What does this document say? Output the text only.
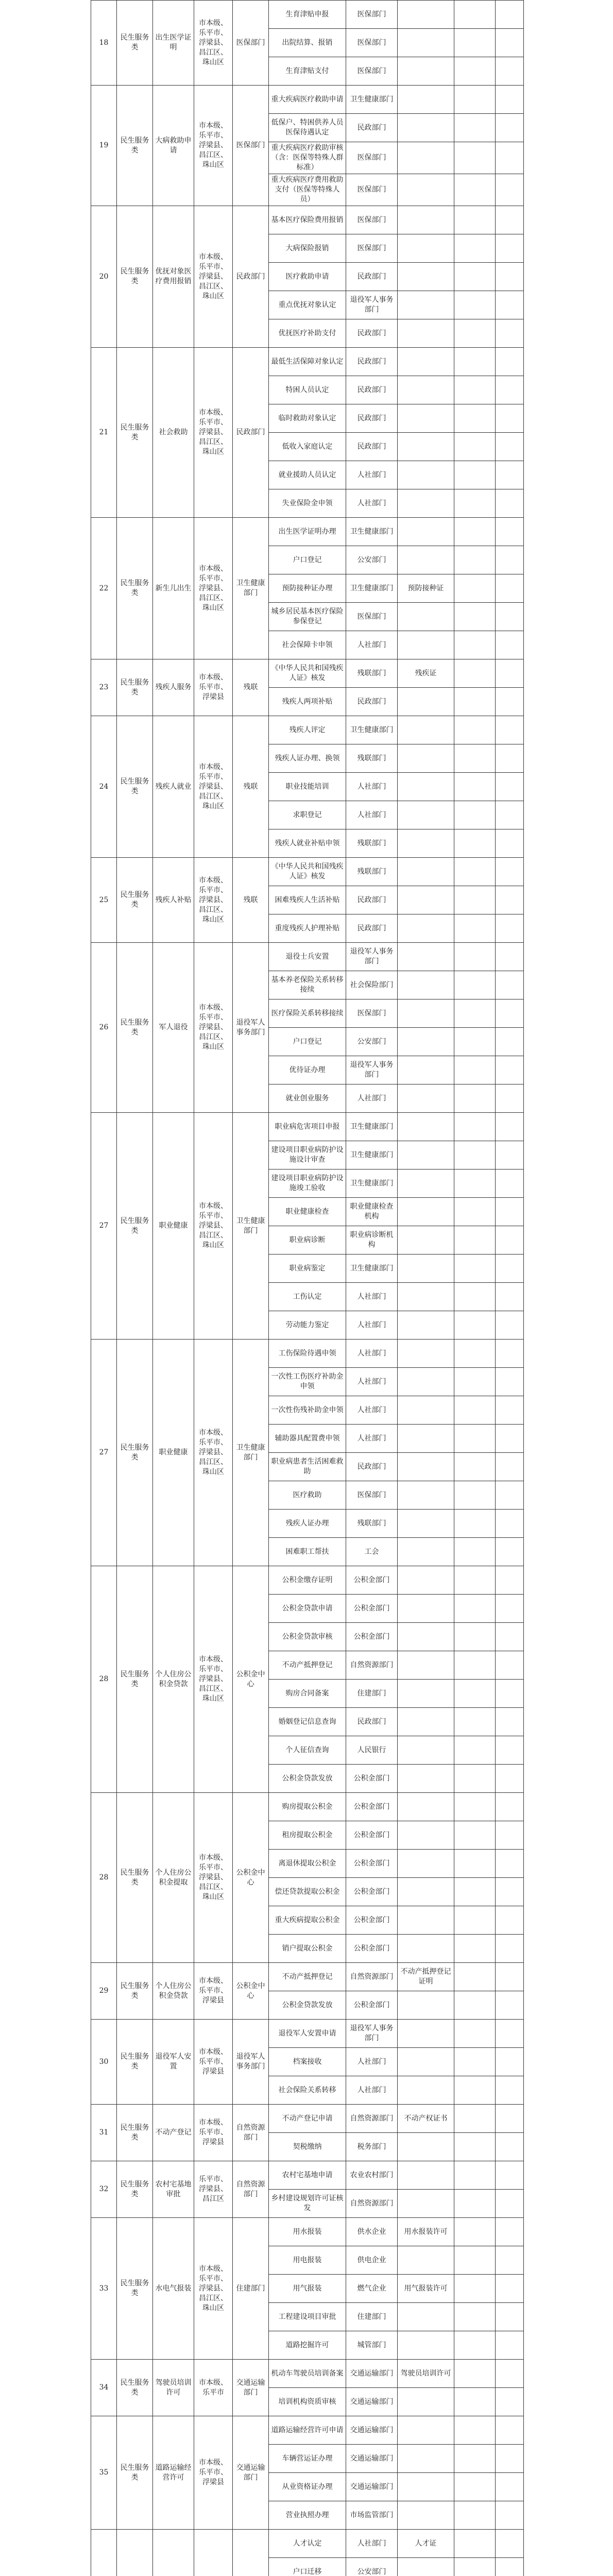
18	民生服务类	出生医学证明	市本级、乐平市、浮梁县、昌江区、珠山区	医保部门	生育津贴申报	医保部门			
					出院结算、报销	医保部门			
					生育津贴支付	医保部门			
19	民生服务类	大病救助申请	市本级、乐平市、浮梁县、昌江区、珠山区	医保部门	重大疾病医疗救助申请	卫生健康部门			
					低保户、特困供养人员医保待遇认定	民政部门			
					重大疾病医疗救助审核（含：医保等特殊人群标准）	医保部门			
					重大疾病医疗费用救助支付（医保等特殊人员）	医保部门			
20	民生服务类	优抚对象医疗费用报销	市本级、乐平市、浮梁县、昌江区、珠山区	民政部门	基本医疗保险费用报销	医保部门			
					大病保险报销	医保部门			
					医疗救助申请	民政部门			
					重点优抚对象认定	退役军人事务部门			
					优抚医疗补助支付	民政部门			
21	民生服务类	社会救助	市本级、乐平市、浮梁县、昌江区、珠山区	民政部门	最低生活保障对象认定	民政部门			
					特困人员认定	民政部门			
					临时救助对象认定	民政部门			
					低收入家庭认定	民政部门			
					就业援助人员认定	人社部门			
					失业保险金申领	人社部门			
22	民生服务类	新生儿出生	市本级、乐平市、浮梁县、昌江区、珠山区	卫生健康部门	出生医学证明办理	卫生健康部门			
					户口登记	公安部门			
					预防接种证办理	卫生健康部门	预防接种证		
					城乡居民基本医疗保险参保登记	医保部门			
					社会保障卡申领	人社部门			
23	民生服务类	残疾人服务	市本级、乐平市、浮梁县	残联	《中华人民共和国残疾人证》核发	残联部门	残疾证		
					残疾人两项补贴	民政部门			
24	民生服务类	残疾人就业	市本级、乐平市、浮梁县、昌江区、珠山区	残联	残疾人评定	卫生健康部门			
					残疾人证办理、换领	残联部门			
					职业技能培训	人社部门			
					求职登记	人社部门			
					残疾人就业补贴申领	残联部门			
25	民生服务类	残疾人补贴	市本级、乐平市、浮梁县、昌江区、珠山区	残联	《中华人民共和国残疾人证》核发	残联部门			
					困难残疾人生活补贴	民政部门			
					重度残疾人护理补贴	民政部门			
26	民生服务类	军人退役	市本级、乐平市、浮梁县、昌江区、珠山区	退役军人事务部门	退役士兵安置	退役军人事务部门			
					基本养老保险关系转移接续	社会保险部门			
					医疗保险关系转移接续	医保部门			
					户口登记	公安部门			
					优待证办理	退役军人事务部门			
					就业创业服务	人社部门			
27	民生服务类	职业健康	市本级、乐平市、浮梁县、昌江区、珠山区	卫生健康部门	职业病危害项目申报	卫生健康部门			
					建设项目职业病防护设施设计审查	卫生健康部门			
					建设项目职业病防护设施竣工验收	卫生健康部门			
					职业健康检查	职业健康检查机构			
					职业病诊断	职业病诊断机构			
					职业病鉴定	卫生健康部门			
					工伤认定	人社部门			
					劳动能力鉴定	人社部门			
27	民生服务类	职业健康	市本级、乐平市、浮梁县、昌江区、珠山区	卫生健康部门	工伤保险待遇申领	人社部门			
					一次性工伤医疗补助金申领	人社部门			
					一次性伤残补助金申领	人社部门			
					辅助器具配置费申领	人社部门			
					职业病患者生活困难救助	民政部门			
					医疗救助	医保部门			
					残疾人证办理	残联部门			
					困难职工帮扶	工会			
28	民生服务类	个人住房公积金贷款	市本级、乐平市、浮梁县、昌江区、珠山区	公积金中心	公积金缴存证明	公积金部门			
					公积金贷款申请	公积金部门			
					公积金贷款审核	公积金部门			
					不动产抵押登记	自然资源部门			
					购房合同备案	住建部门			
					婚姻登记信息查询	民政部门			
					个人征信查询	人民银行			
					公积金贷款发放	公积金部门			
28	民生服务类	个人住房公积金提取	市本级、乐平市、浮梁县、昌江区、珠山区	公积金中心	购房提取公积金	公积金部门			
					租房提取公积金	公积金部门			
					离退休提取公积金	公积金部门			
					偿还贷款提取公积金	公积金部门			
					重大疾病提取公积金	公积金部门			
					销户提取公积金	公积金部门			
29	民生服务类	个人住房公积金贷款	市本级、乐平市、浮梁县	公积金中心	不动产抵押登记	自然资源部门	不动产抵押登记证明		
					公积金贷款发放	公积金部门			
30	民生服务类	退役军人安置	市本级、乐平市、浮梁县	退役军人事务部门	退役军人安置申请	退役军人事务部门			
					档案接收	人社部门			
					社会保险关系转移	人社部门			
31	民生服务类	不动产登记	市本级、乐平市、浮梁县	自然资源部门	不动产登记申请	自然资源部门	不动产权证书		
					契税缴纳	税务部门			
32	民生服务类	农村宅基地审批	乐平市、浮梁县、昌江区	自然资源部门	农村宅基地申请	农业农村部门			
					乡村建设规划许可证核发	自然资源部门			
33	民生服务类	水电气报装	市本级、乐平市、浮梁县、昌江区、珠山区	住建部门	用水报装	供水企业	用水报装许可		
					用电报装	供电企业			
					用气报装	燃气企业	用气报装许可		
					工程建设项目审批	住建部门			
					道路挖掘许可	城管部门			
34	民生服务类	驾驶员培训许可	市本级、乐平市	交通运输部门	机动车驾驶员培训备案	交通运输部门	驾驶员培训许可		
					培训机构资质审核	交通运输部门			
35	民生服务类	道路运输经营许可	市本级、乐平市、浮梁县	交通运输部门	道路运输经营许可申请	交通运输部门			
					车辆营运证办理	交通运输部门			
					从业资格证办理	交通运输部门			
					营业执照办理	市场监管部门			
					人才认定	人社部门	人才证		
					户口迁移	公安部门			
